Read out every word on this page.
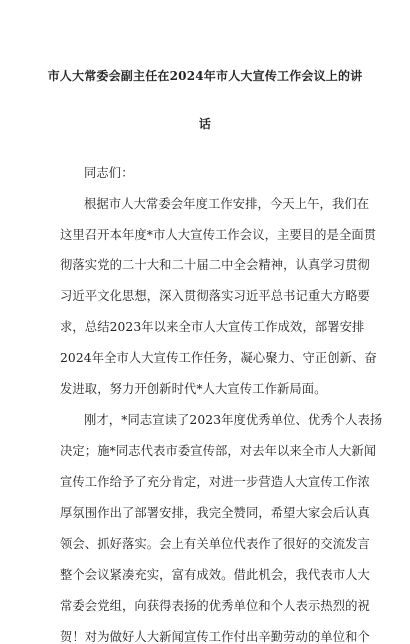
市人大常委会副主任在2024年市人大宣传工作会议上的讲
话
同志们：
根据市人大常委会年度工作安排，今天上午，我们在
这里召开本年度*市人大宣传工作会议，主要目的是全面贯
彻落实党的二十大和二十届二中全会精神，认真学习贯彻
习近平文化思想，深入贯彻落实习近平总书记重大方略要
求，总结2023年以来全市人大宣传工作成效，部署安排
2024年全市人大宣传工作任务，凝心聚力、守正创新、奋
发进取，努力开创新时代*人大宣传工作新局面。
刚才，*同志宣读了2023年度优秀单位、优秀个人表扬
决定；施*同志代表市委宣传部，对去年以来全市人大新闻
宣传工作给予了充分肯定，对进一步营造人大宣传工作浓
厚氛围作出了部署安排，我完全赞同，希望大家会后认真
领会、抓好落实。会上有关单位代表作了很好的交流发言
整个会议紧凑充实，富有成效。借此机会，我代表市人大
常委会党组，向获得表扬的优秀单位和个人表示热烈的祝
贺！对为做好人大新闻宣传工作付出辛勤劳动的单位和个
